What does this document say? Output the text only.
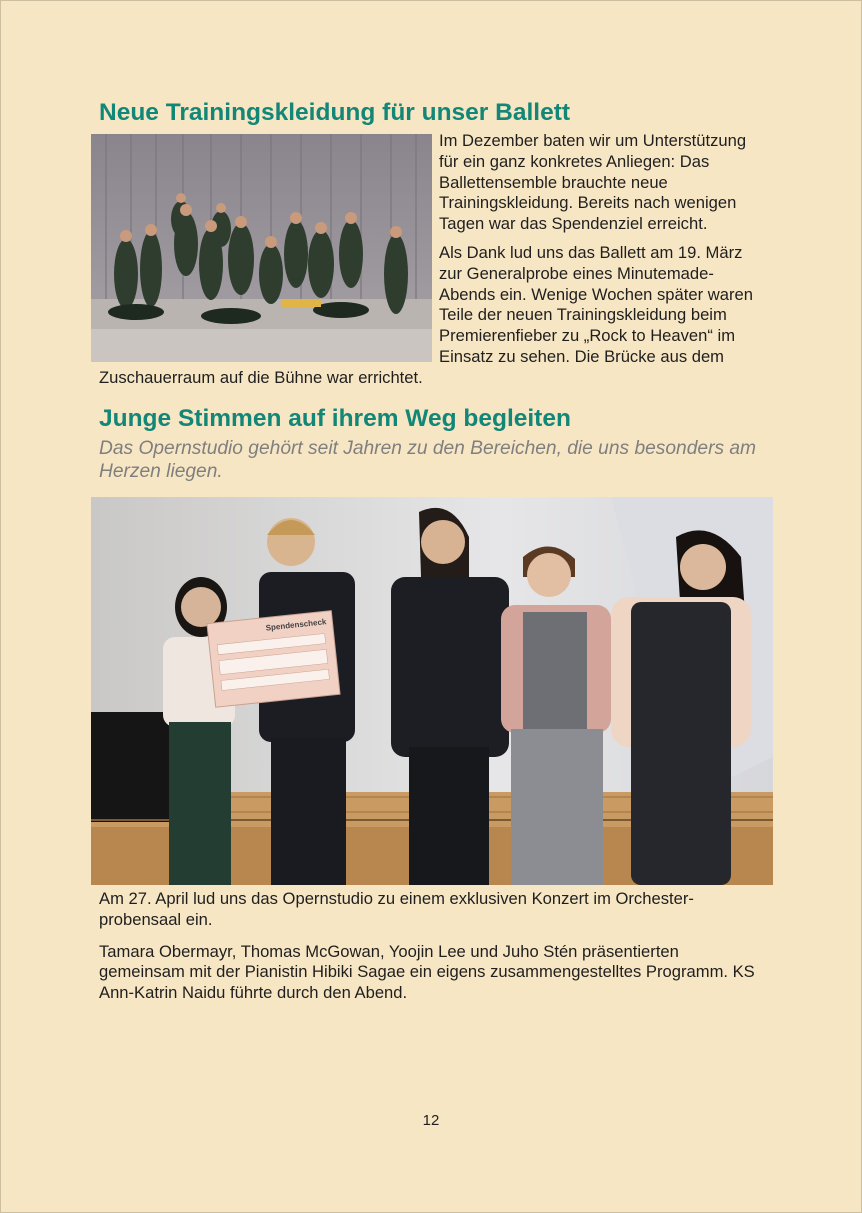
Neue Trainingskleidung für unser Ballett

Im Dezember baten wir um Unterstützung für ein ganz konkretes Anliegen: Das Ballettensemble brauchte neue Trainingskleidung. Bereits nach wenigen Tagen war das Spendenziel erreicht.

Als Dank lud uns das Ballett am 19. März zur Generalprobe eines Minutemade-Abends ein. Wenige Wochen später waren Teile der neuen Trainingskleidung beim Premierenfieber zu „Rock to Heaven“ im Einsatz zu sehen. Die Brücke aus dem Zuschauerraum auf die Bühne war errichtet.

Junge Stimmen auf ihrem Weg begleiten
Das Opernstudio gehört seit Jahren zu den Bereichen, die uns besonders am Herzen liegen.
Spendenscheck

Am 27. April lud uns das Opernstudio zu einem exklusiven Konzert im Orchesterprobensaal ein.

Tamara Obermayr, Thomas McGowan, Yoojin Lee und Juho Stén präsentierten gemeinsam mit der Pianistin Hibiki Sagae ein eigens zusammengestelltes Programm. KS Ann-Katrin Naidu führte durch den Abend.

12
